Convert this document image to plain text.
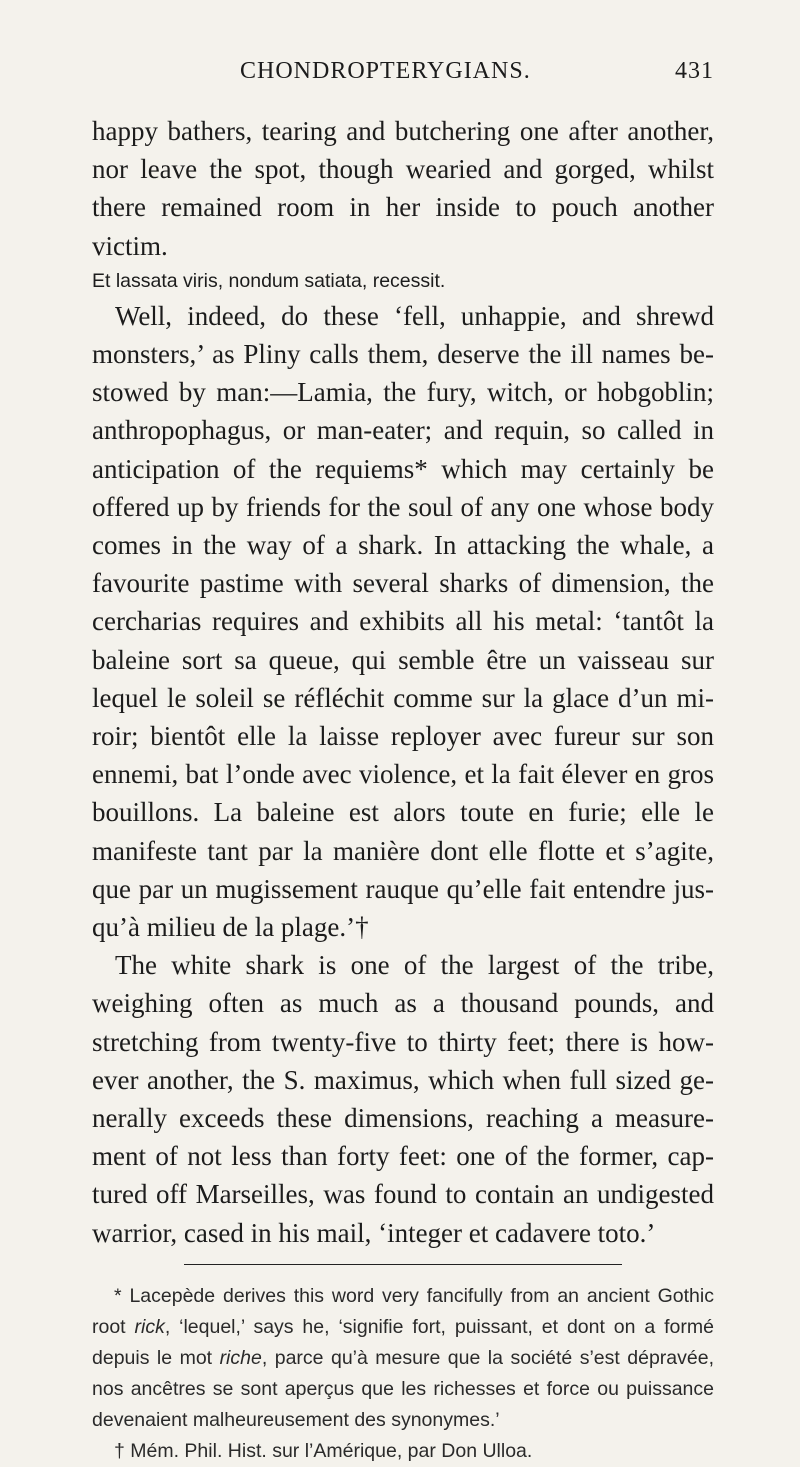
CHONDROPTERYGIANS.	431

happy bathers, tearing and butchering one after another, nor leave the spot, though wearied and gorged, whilst there remained room in her inside to pouch another victim.

Et lassata viris, nondum satiata, recessit.

Well, indeed, do these ‘fell, unhappie, and shrewd monsters,’ as Pliny calls them, deserve the ill names be-stowed by man:—Lamia, the fury, witch, or hobgoblin; anthropophagus, or man-eater; and requin, so called in anticipation of the requiems* which may certainly be offered up by friends for the soul of any one whose body comes in the way of a shark. In attacking the whale, a favourite pastime with several sharks of dimension, the cercharias requires and exhibits all his metal: ‘tantôt la baleine sort sa queue, qui semble être un vaisseau sur lequel le soleil se réfléchit comme sur la glace d’un mi-roir; bientôt elle la laisse reployer avec fureur sur son ennemi, bat l’onde avec violence, et la fait élever en gros bouillons. La baleine est alors toute en furie; elle le manifeste tant par la manière dont elle flotte et s’agite, que par un mugissement rauque qu’elle fait entendre jus-qu’à milieu de la plage.’†

The white shark is one of the largest of the tribe, weighing often as much as a thousand pounds, and stretching from twenty-five to thirty feet; there is how-ever another, the S. maximus, which when full sized ge-nerally exceeds these dimensions, reaching a measure-ment of not less than forty feet: one of the former, cap-tured off Marseilles, was found to contain an undigested warrior, cased in his mail, ‘integer et cadavere toto.’

* Lacepède derives this word very fancifully from an ancient Gothic root rick, ‘lequel,’ says he, ‘signifie fort, puissant, et dont on a formé depuis le mot riche, parce qu’à mesure que la société s’est dépravée, nos ancêtres se sont aperçus que les richesses et force ou puissance devenaient malheureusement des synonymes.’

† Mém. Phil. Hist. sur l’Amérique, par Don Ulloa.
